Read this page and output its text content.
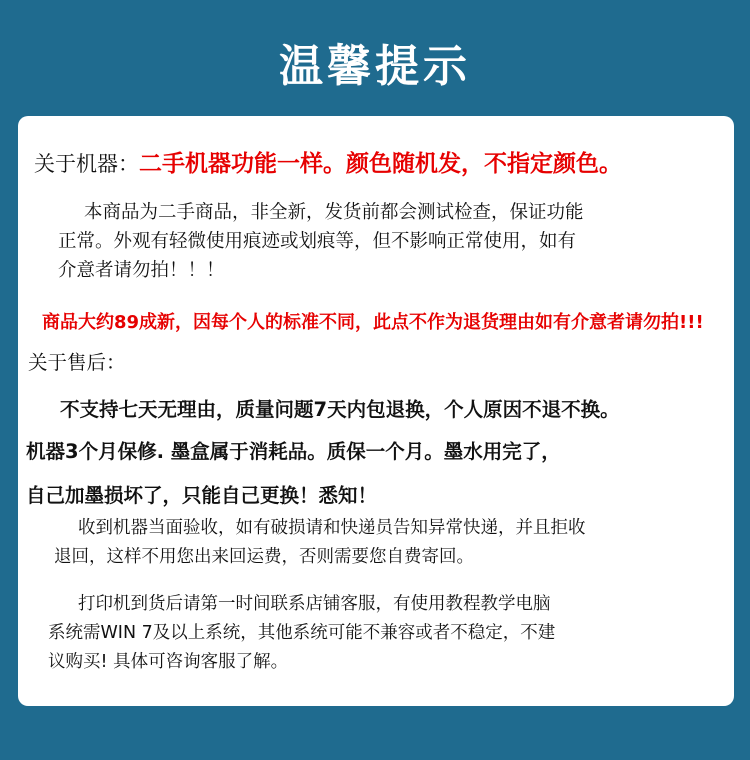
温馨提示
关于机器：二手机器功能一样。颜色随机发，不指定颜色。
本商品为二手商品，非全新，发货前都会测试检查，保证功能
正常。外观有轻微使用痕迹或划痕等，但不影响正常使用，如有
介意者请勿拍！！！
商品大约89成新，因每个人的标准不同，此点不作为退货理由如有介意者请勿拍!!!
关于售后：
不支持七天无理由，质量问题7天内包退换，个人原因不退不换。
机器3个月保修. 墨盒属于消耗品。质保一个月。墨水用完了，
自己加墨损坏了，只能自己更换！悉知！
收到机器当面验收，如有破损请和快递员告知异常快递，并且拒收
退回，这样不用您出来回运费，否则需要您自费寄回。
打印机到货后请第一时间联系店铺客服，有使用教程教学电脑
系统需WIN 7及以上系统，其他系统可能不兼容或者不稳定，不建
议购买! 具体可咨询客服了解。
